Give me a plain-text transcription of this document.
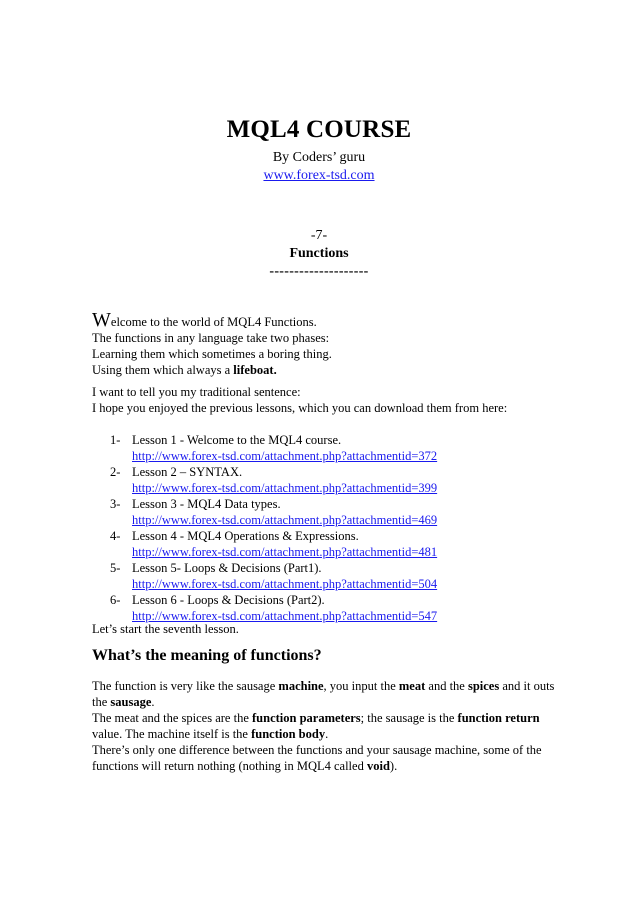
MQL4 COURSE
By Coders’ guru
www.forex-tsd.com
-7-
Functions
--------------------
Welcome to the world of MQL4 Functions.
The functions in any language take two phases:
Learning them which sometimes a boring thing.
Using them which always a lifeboat.
I want to tell you my traditional sentence:
I hope you enjoyed the previous lessons, which you can download them from here:
1- Lesson 1 - Welcome to the MQL4 course.
http://www.forex-tsd.com/attachment.php?attachmentid=372
2- Lesson 2 – SYNTAX.
http://www.forex-tsd.com/attachment.php?attachmentid=399
3- Lesson 3 - MQL4 Data types.
http://www.forex-tsd.com/attachment.php?attachmentid=469
4- Lesson 4 - MQL4 Operations & Expressions.
http://www.forex-tsd.com/attachment.php?attachmentid=481
5- Lesson 5- Loops & Decisions (Part1).
http://www.forex-tsd.com/attachment.php?attachmentid=504
6- Lesson 6 - Loops & Decisions (Part2).
http://www.forex-tsd.com/attachment.php?attachmentid=547
Let’s start the seventh lesson.
What’s the meaning of functions?
The function is very like the sausage machine, you input the meat and the spices and it outs the sausage.
The meat and the spices are the function parameters; the sausage is the function return value. The machine itself is the function body.
There’s only one difference between the functions and your sausage machine, some of the functions will return nothing (nothing in MQL4 called void).
